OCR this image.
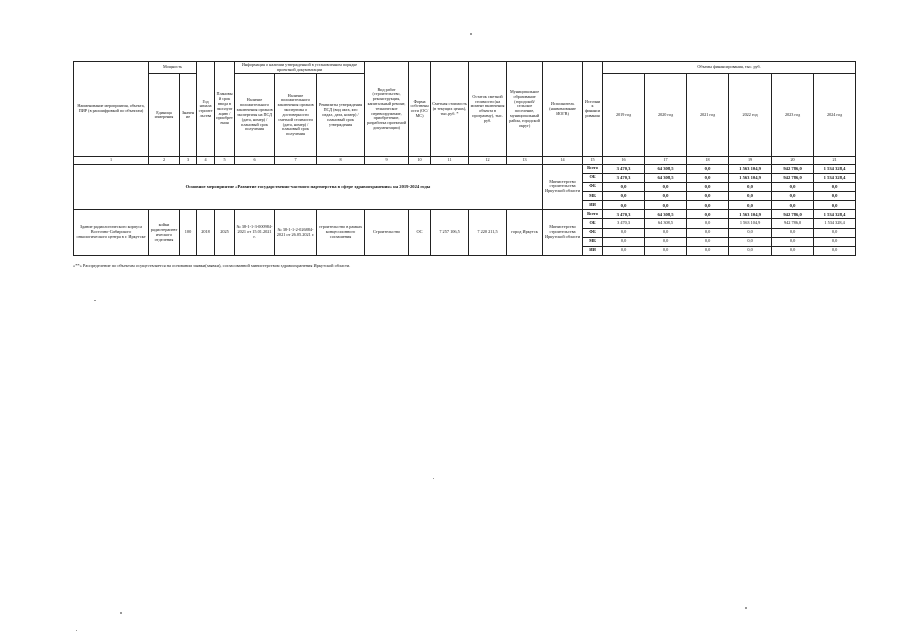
Наименование мероприятия, объекта, ПИР (в расшифровкой по объектам)	Мощность		Год начала строительства	Плановый срок ввода в эксплуатацию / приобретения	Информация о наличии утвержденной в установленном порядке проектной документации			Вид работ (строительство, реконструкция, капитальный ремонт, техническое перевооружение, приобретение, разработка проектной документации)	Форма собственности (ОС/МС)	Сметная стоимость (в текущих ценах), тыс.руб. *	Остаток сметной стоимости (на момент включения объекта в программу), тыс. руб.	Муниципальное образование (городской/сельское поселение, муниципальный район, городской округ)	Исполнитель (наименование ИОГВ)	Источник финансирования	Объемы финансирования, тыс. руб.					
	Единица измерения	Значение			Наличие положительного заключения органов экспертизы на ПСД (дата, номер) / плановый срок получения	Наличие положительного заключения органов экспертизы о достоверности сметной стоимости (дата, номер) / плановый срок получения	Реквизиты утверждения ПСД (вид акта, кто издал, дата, номер) / плановый срок утверждения								2019 год	2020 год	2021 год	2022 год	2023 год	2024 год

1	2	3	4	5	6	7	8	9	10	11	12	13	14	15	16	17	18	19	20	21
Основное мероприятие «Развитие государственно-частного партнерства в сфере здравоохранения» на 2019-2024 годы													Министерство строительства Иркутской области	Всего	3 470,3	64 308,5	0,0	1 563 104,9	942 786,0	1 534 328,4
														ОБ	3 470,3	64 308,5	0,0	1 563 104,9	942 786,0	1 534 328,4
														ФБ	0,0	0,0	0,0	0,0	0,0	0,0
														МБ	0,0	0,0	0,0	0,0	0,0	0,0
														ИИ	0,0	0,0	0,0	0,0	0,0	0,0
Здание радиологического корпуса Восточно-Сибирского онкологического центра в г. Иркутске	койки радиотерапевтического отделения	100	2018	2025	№ 38-1-1-3-000984-2021 от 15.01.2021 г.	№ 38-1-1-2-026884-2021 от 26.05.2021 г.	строительство в рамках концессионного соглашения	Строительство	ОС	7 257 106,5	7 220 211,5	город Иркутск	Министерство строительства Иркутской области	Всего	3 470,3	64 308,5	0,0	1 563 104,9	942 786,0	1 534 328,4
														ОБ	3 470,3	64 308,5	0,0	1 563 104,9	942 786,0	1 534 328,4
														ФБ	0,0	0,0	0,0	0,0	0,0	0,0
														МБ	0,0	0,0	0,0	0,0	0,0	0,0
														ИИ	0,0	0,0	0,0	0,0	0,0	0,0
«**» Распределение по объектам осуществляется на основании заявки(заявки), согласованной министерством здравоохранения Иркутской области.
